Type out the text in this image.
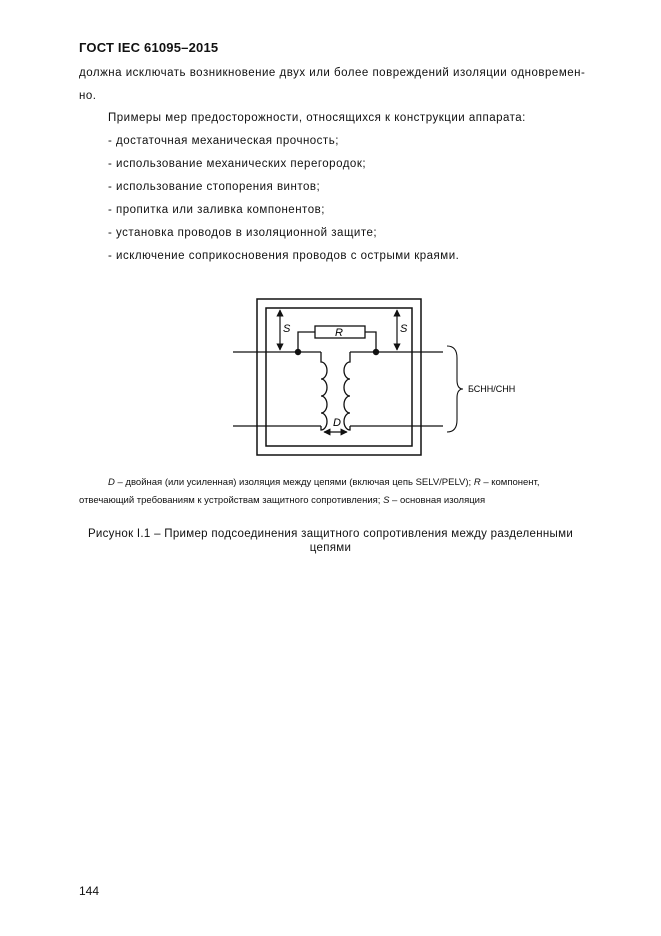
ГОСТ IEC 61095–2015
должна исключать возникновение двух или более повреждений изоляции одновремен-
но.
Примеры мер предосторожности, относящихся к конструкции аппарата:
- достаточная механическая прочность;
- использование механических перегородок;
- использование стопорения винтов;
- пропитка или заливка компонентов;
- установка проводов в изоляционной защите;
- исключение соприкосновения проводов с острыми краями.
S	S
R
D
БСНН/СНН
D – двойная (или усиленная) изоляция между цепями (включая цепь SELV/PELV); R – компонент,
отвечающий требованиям к устройствам защитного сопротивления; S – основная изоляция
Рисунок I.1 – Пример подсоединения защитного сопротивления между разделенными
цепями
144
